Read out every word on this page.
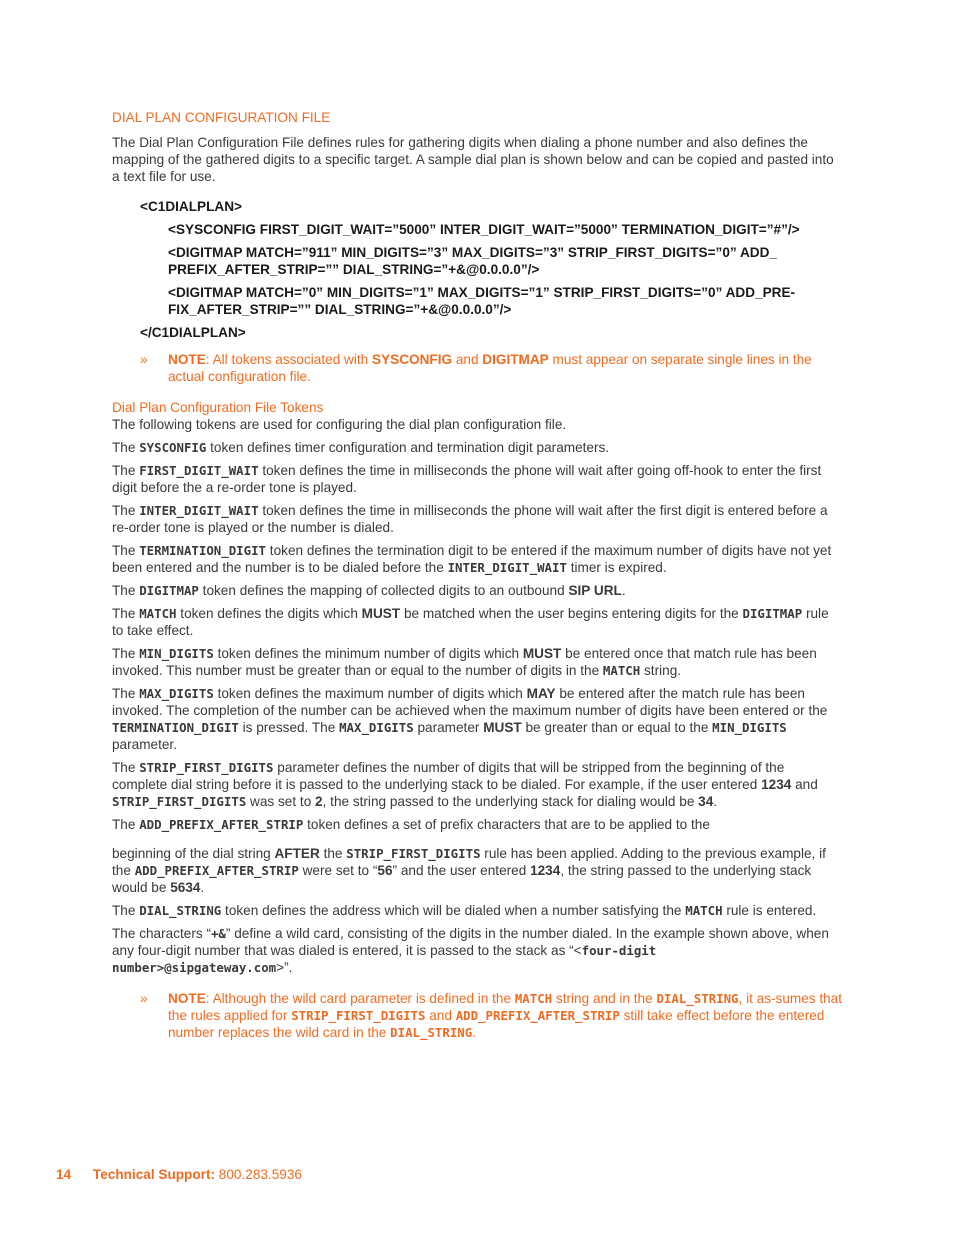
DIAL PLAN CONFIGURATION FILE

The Dial Plan Configuration File defines rules for gathering digits when dialing a phone number and also defines the mapping of the gathered digits to a specific target. A sample dial plan is shown below and can be copied and pasted into a text file for use.

<C1DIALPLAN>
<SYSCONFIG FIRST_DIGIT_WAIT=”5000” INTER_DIGIT_WAIT=”5000” TERMINATION_DIGIT=”#”/>
<DIGITMAP MATCH=”911” MIN_DIGITS=”3” MAX_DIGITS=”3” STRIP_FIRST_DIGITS=”0” ADD_ PREFIX_AFTER_STRIP=”” DIAL_STRING=”+&@0.0.0.0”/>
<DIGITMAP MATCH=”0” MIN_DIGITS=”1” MAX_DIGITS=”1” STRIP_FIRST_DIGITS=”0” ADD_PRE-FIX_AFTER_STRIP=”” DIAL_STRING=”+&@0.0.0.0”/>
</C1DIALPLAN>
» NOTE: All tokens associated with SYSCONFIG and DIGITMAP must appear on separate single lines in the actual configuration file.
Dial Plan Configuration File Tokens

The following tokens are used for configuring the dial plan configuration file.

The SYSCONFIG token defines timer configuration and termination digit parameters.

The FIRST_DIGIT_WAIT token defines the time in milliseconds the phone will wait after going off-hook to enter the first digit before the a re-order tone is played.

The INTER_DIGIT_WAIT token defines the time in milliseconds the phone will wait after the first digit is entered before a re-order tone is played or the number is dialed.

The TERMINATION_DIGIT token defines the termination digit to be entered if the maximum number of digits have not yet been entered and the number is to be dialed before the INTER_DIGIT_WAIT timer is expired.

The DIGITMAP token defines the mapping of collected digits to an outbound SIP URL.

The MATCH token defines the digits which MUST be matched when the user begins entering digits for the DIGITMAP rule to take effect.

The MIN_DIGITS token defines the minimum number of digits which MUST be entered once that match rule has been invoked. This number must be greater than or equal to the number of digits in the MATCH string.

The MAX_DIGITS token defines the maximum number of digits which MAY be entered after the match rule has been invoked. The completion of the number can be achieved when the maximum number of digits have been entered or the TERMINATION_DIGIT is pressed. The MAX_DIGITS parameter MUST be greater than or equal to the MIN_DIGITS parameter.

The STRIP_FIRST_DIGITS parameter defines the number of digits that will be stripped from the beginning of the complete dial string before it is passed to the underlying stack to be dialed. For example, if the user entered 1234 and STRIP_FIRST_DIGITS was set to 2, the string passed to the underlying stack for dialing would be 34.

The ADD_PREFIX_AFTER_STRIP token defines a set of prefix characters that are to be applied to the

beginning of the dial string AFTER the STRIP_FIRST_DIGITS rule has been applied. Adding to the previous example, if the ADD_PREFIX_AFTER_STRIP were set to “56” and the user entered 1234, the string passed to the underlying stack would be 5634.

The DIAL_STRING token defines the address which will be dialed when a number satisfying the MATCH rule is entered.

The characters “+&” define a wild card, consisting of the digits in the number dialed. In the example shown above, when any four-digit number that was dialed is entered, it is passed to the stack as “<four-digit number>@sipgateway.com>”.

» NOTE: Although the wild card parameter is defined in the MATCH string and in the DIAL_STRING, it as-sumes that the rules applied for STRIP_FIRST_DIGITS and ADD_PREFIX_AFTER_STRIP still take effect before the entered number replaces the wild card in the DIAL_STRING.
14 Technical Support: 800.283.5936
